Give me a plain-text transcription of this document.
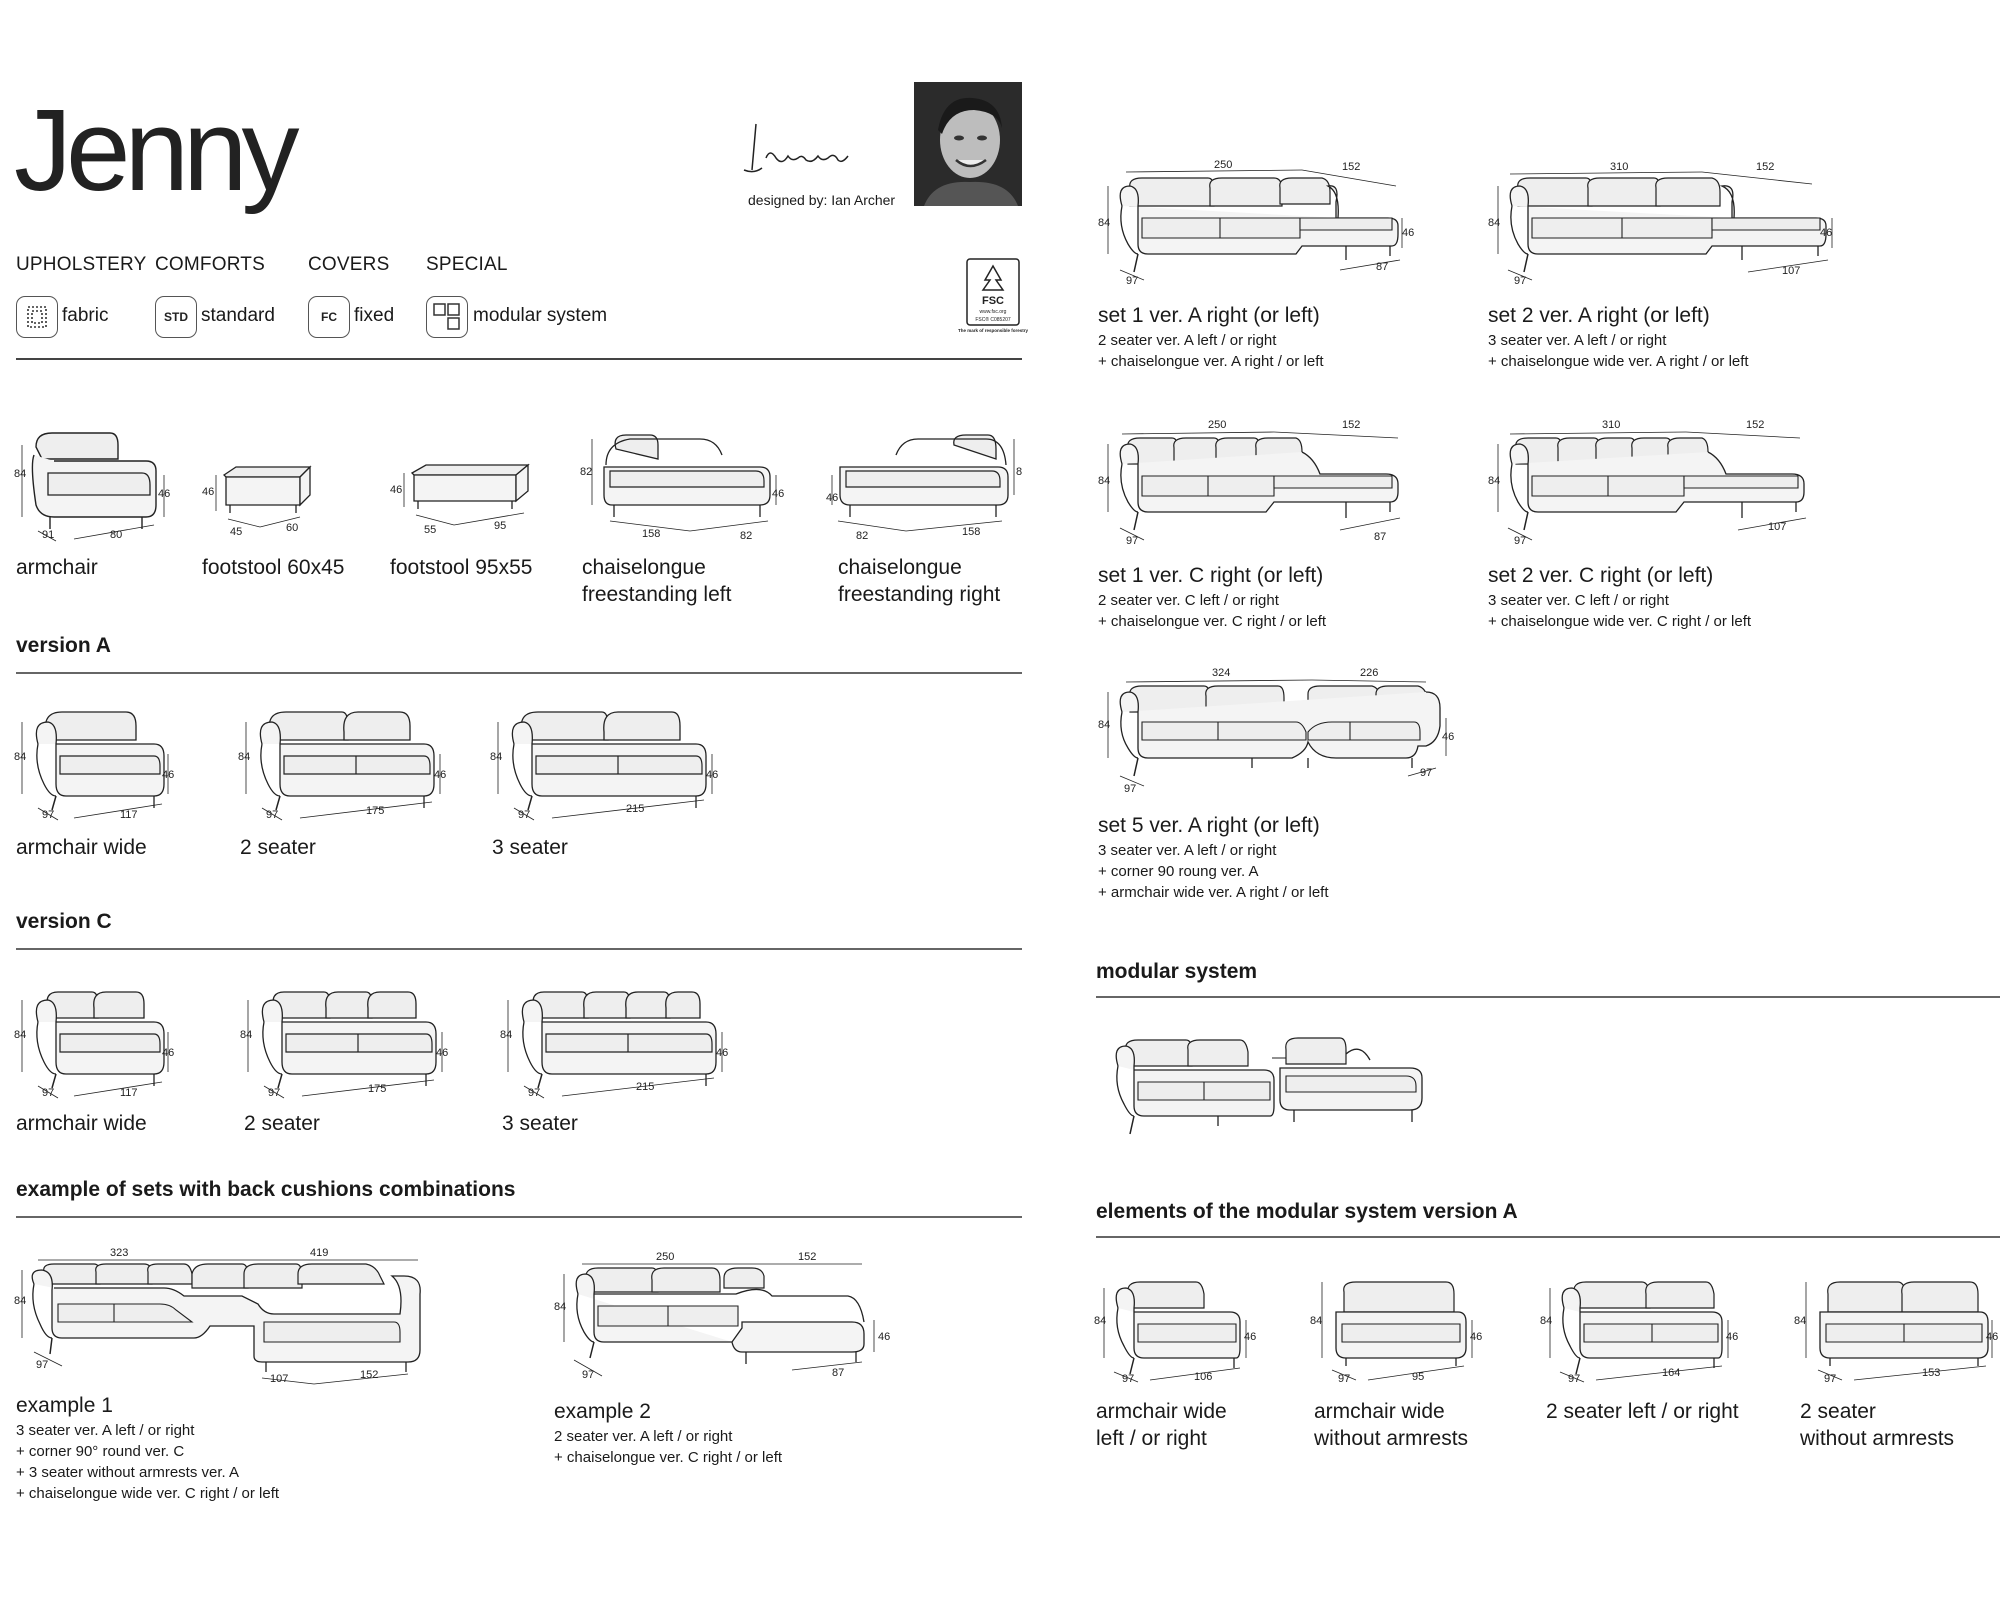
Jenny	designed by: Ian Archer
UPHOLSTERY COMFORTS COVERS SPECIAL
fabric	STD standard	FC fixed	modular system
FSC
www.fsc.org
FSC® C085207
The mark of responsible forestry
84
46
91	80
armchair
46
45	60
footstool 60x45
46
55	95
footstool 95x55
82
46
158	82
chaiselongue
freestanding left
46
8
82	158
chaiselongue
freestanding right
version A
84
46
97	117
armchair wide
84
46
97	175
2 seater
84
46
97	215
3 seater
version C
84
46
97	117
armchair wide
84
46
97	175
2 seater
84
46
97	215
3 seater
example of sets with back cushions combinations
323	419
84
97
107	152
example 1
3 seater ver. A left / or right
+ corner 90° round ver. C
+ 3 seater without armrests ver. A
+ chaiselongue wide ver. C right / or left
250	152
84
46
97	87
example 2
2 seater ver. A left / or right
+ chaiselongue ver. C right / or left
250	152
84
46
97
87
set 1 ver. A right (or left)
2 seater ver. A left / or right
+ chaiselongue ver. A right / or left
310	152
84
46
97
107
set 2 ver. A right (or left)
3 seater ver. A left / or right
+ chaiselongue wide ver. A right / or left
250	152
84
97	87
set 1 ver. C right (or left)
2 seater ver. C left / or right
+ chaiselongue ver. C right / or left
310	152
84
97
107
set 2 ver. C right (or left)
3 seater ver. C left / or right
+ chaiselongue wide ver. C right / or left
324	226
84
46
97
97
set 5 ver. A right (or left)
3 seater ver. A left / or right
+ corner 90 roung ver. A
+ armchair wide ver. A right / or left
modular system
elements of the modular system version A
84
46
97	106
armchair wide
left / or right
84
46
97	95
armchair wide
without armrests
84
46
97	164
2 seater left / or right
84
46
97	153
2 seater
without armrests
